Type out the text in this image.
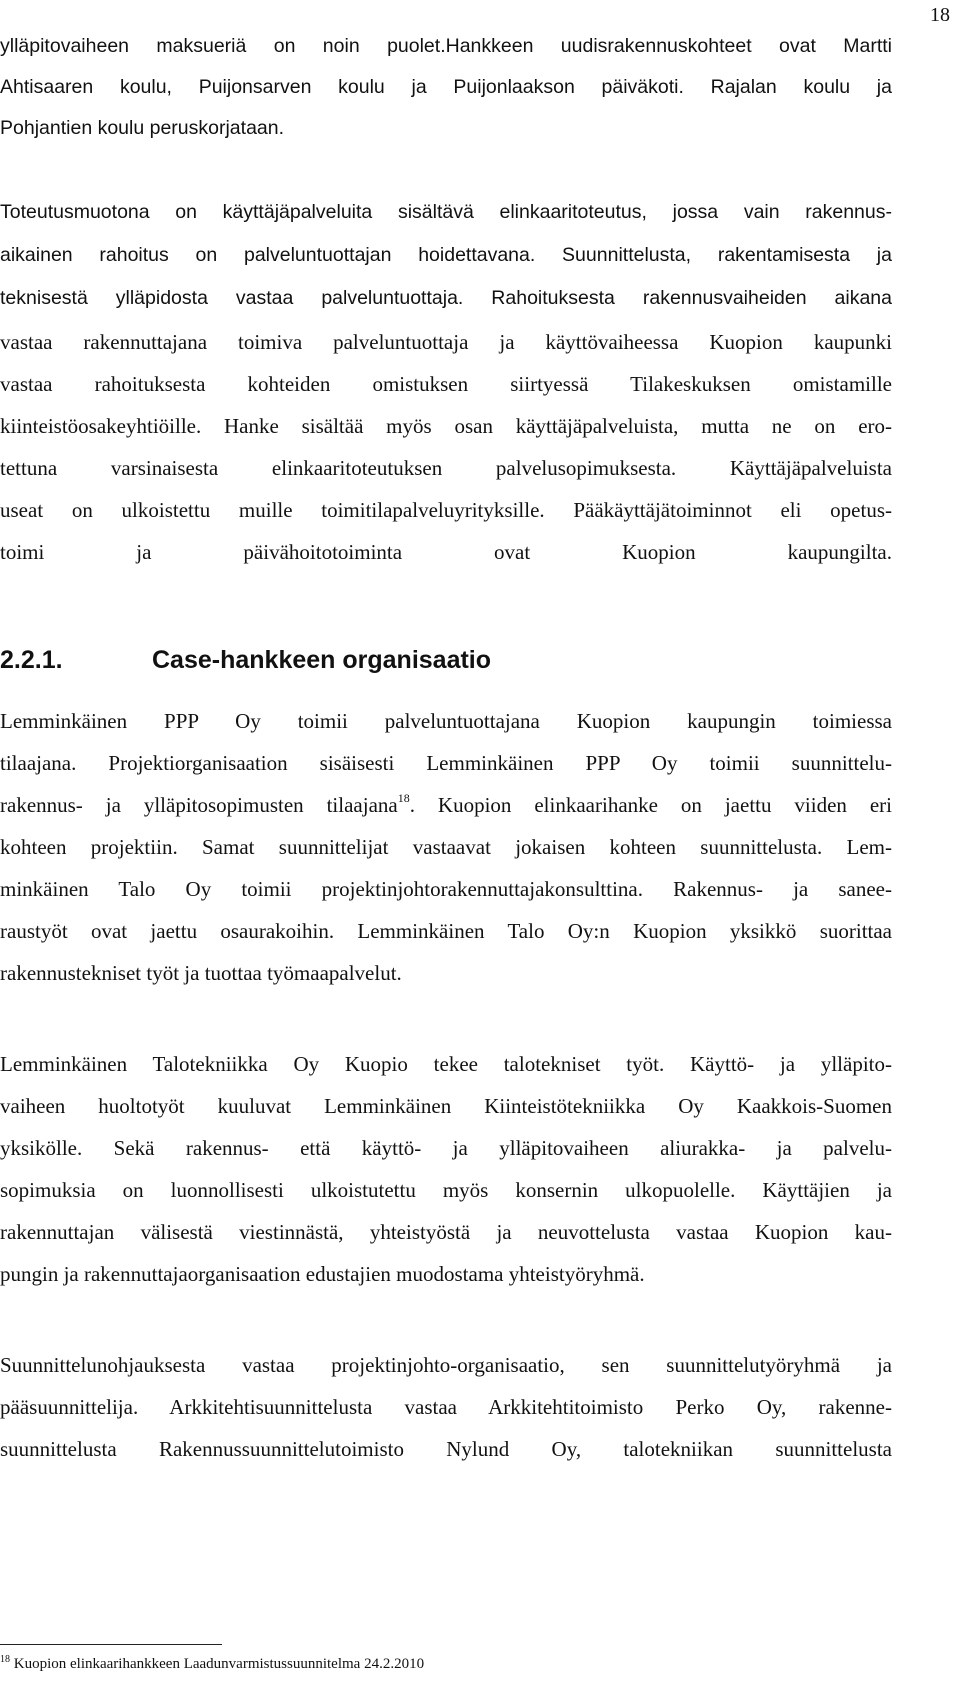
18
ylläpitovaiheen maksueriä on noin puolet.Hankkeen uudisrakennuskohteet ovat Martti
Ahtisaaren koulu, Puijonsarven koulu ja Puijonlaakson päiväkoti. Rajalan koulu ja
Pohjantien koulu peruskorjataan.
Toteutusmuotona on käyttäjäpalveluita sisältävä elinkaaritoteutus, jossa vain rakennus-
aikainen rahoitus on palveluntuottajan hoidettavana. Suunnittelusta, rakentamisesta ja
teknisestä ylläpidosta vastaa palveluntuottaja. Rahoituksesta rakennusvaiheiden aikana
vastaa rakennuttajana toimiva palveluntuottaja ja käyttövaiheessa Kuopion kaupunki
vastaa rahoituksesta kohteiden omistuksen siirtyessä Tilakeskuksen omistamille
kiinteistöosakeyhtiöille. Hanke sisältää myös osan käyttäjäpalveluista, mutta ne on ero-
tettuna varsinaisesta elinkaaritoteutuksen palvelusopimuksesta. Käyttäjäpalveluista
useat on ulkoistettu muille toimitilapalveluyrityksille. Pääkäyttäjätoiminnot eli opetus-
toimi ja päivähoitotoiminta ovat Kuopion kaupungilta.
2.2.1.	Case-hankkeen organisaatio
Lemminkäinen PPP Oy toimii palveluntuottajana Kuopion kaupungin toimiessa
tilaajana. Projektiorganisaation sisäisesti Lemminkäinen PPP Oy toimii suunnittelu-
rakennus- ja ylläpitosopimusten tilaajana$^{18}$. Kuopion elinkaarihanke on jaettu viiden eri
kohteen projektiin. Samat suunnittelijat vastaavat jokaisen kohteen suunnittelusta. Lem-
minkäinen Talo Oy toimii projektinjohtorakennuttajakonsulttina. Rakennus- ja sanee-
raustyöt ovat jaettu osaurakoihin. Lemminkäinen Talo Oy:n Kuopion yksikkö suorittaa
rakennustekniset työt ja tuottaa työmaapalvelut.
Lemminkäinen Talotekniikka Oy Kuopio tekee talotekniset työt. Käyttö- ja ylläpito-
vaiheen huoltotyöt kuuluvat Lemminkäinen Kiinteistötekniikka Oy Kaakkois-Suomen
yksikölle. Sekä rakennus- että käyttö- ja ylläpitovaiheen aliurakka- ja palvelu-
sopimuksia on luonnollisesti ulkoistutettu myös konsernin ulkopuolelle. Käyttäjien ja
rakennuttajan välisestä viestinnästä, yhteistyöstä ja neuvottelusta vastaa Kuopion kau-
pungin ja rakennuttajaorganisaation edustajien muodostama yhteistyöryhmä.
Suunnittelunohjauksesta vastaa projektinjohto-organisaatio, sen suunnittelutyöryhmä ja
pääsuunnittelija. Arkkitehtisuunnittelusta vastaa Arkkitehtitoimisto Perko Oy, rakenne-
suunnittelusta Rakennussuunnittelutoimisto Nylund Oy, talotekniikan suunnittelusta
$^{18}$ Kuopion elinkaarihankkeen Laadunvarmistussuunnitelma 24.2.2010
